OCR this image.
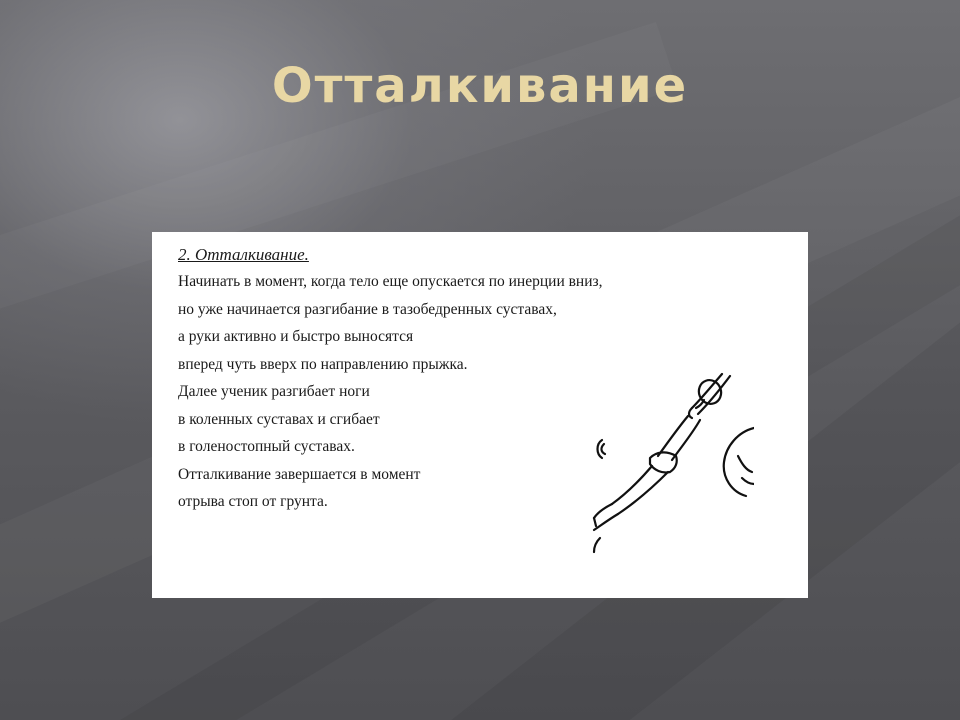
Отталкивание

2. Отталкивание.

Начинать в момент, когда тело еще опускается по инерции вниз,

но уже начинается разгибание в тазобедренных суставах,

а руки активно и быстро выносятся

вперед чуть вверх по направлению прыжка.

Далее ученик разгибает ноги

в коленных суставах и сгибает

в голеностопный суставах.

Отталкивание завершается в момент

отрыва стоп от грунта.
